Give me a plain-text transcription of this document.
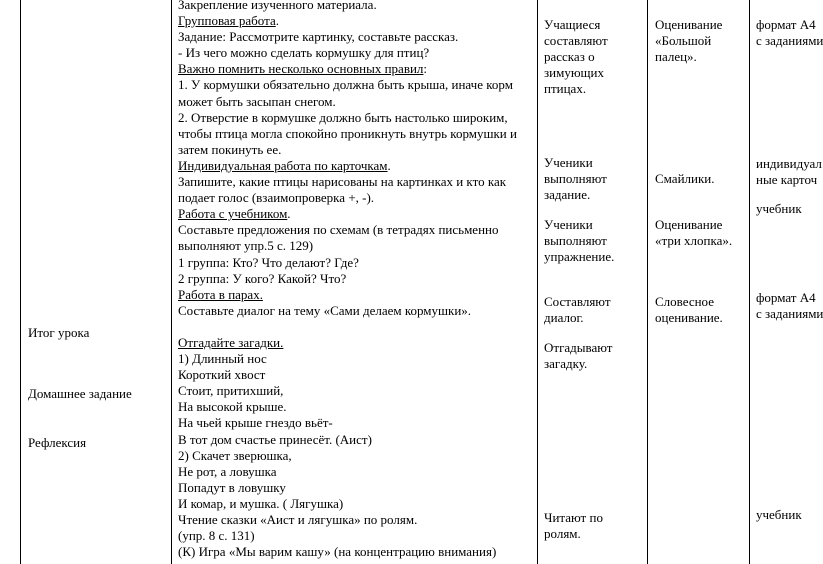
Итог урока
Домашнее задание
Рефлексия
Закрепление изученного материала.
Групповая работа.
Задание: Рассмотрите картинку, составьте рассказ.
- Из чего можно сделать кормушку для птиц?
Важно помнить несколько основных правил:
1. У кормушки обязательно должна быть крыша, иначе корм
может быть засыпан снегом.
2. Отверстие в кормушке должно быть настолько широким,
чтобы птица могла спокойно проникнуть внутрь кормушки и
затем покинуть ее.
Индивидуальная работа по карточкам.
Запишите, какие птицы нарисованы на картинках и кто как
подает голос (взаимопроверка +, -).
Работа с учебником.
Составьте предложения по схемам (в тетрадях письменно
выполняют упр.5 с. 129)
1 группа: Кто? Что делают? Где?
2 группа: У кого? Какой? Что?
Работа в парах.
Составьте диалог на тему «Сами делаем кормушки».
Отгадайте загадки.
1) Длинный нос
Короткий хвост
Стоит, притихший,
На высокой крыше.
На чьей крыше гнездо вьёт-
В тот дом счастье принесёт. (Аист)
2) Скачет зверюшка,
Не рот, а ловушка
Попадут в ловушку
И комар, и мушка. ( Лягушка)
Чтение сказки «Аист и лягушка» по ролям.
(упр. 8 с. 131)
(К) Игра «Мы варим кашу» (на концентрацию внимания)
Учащиеся
составляют
рассказ о
зимующих
птицах.
Ученики
выполняют
задание.
Ученики
выполняют
упражнение.
Составляют
диалог.
Отгадывают
загадку.
Читают по
ролям.
Оценивание
«Большой
палец».
Смайлики.
Оценивание
«три хлопка».
Словесное
оценивание.
формат А4
с заданиями
индивидуал
ные карточ
учебник
формат А4
с заданиями
учебник
